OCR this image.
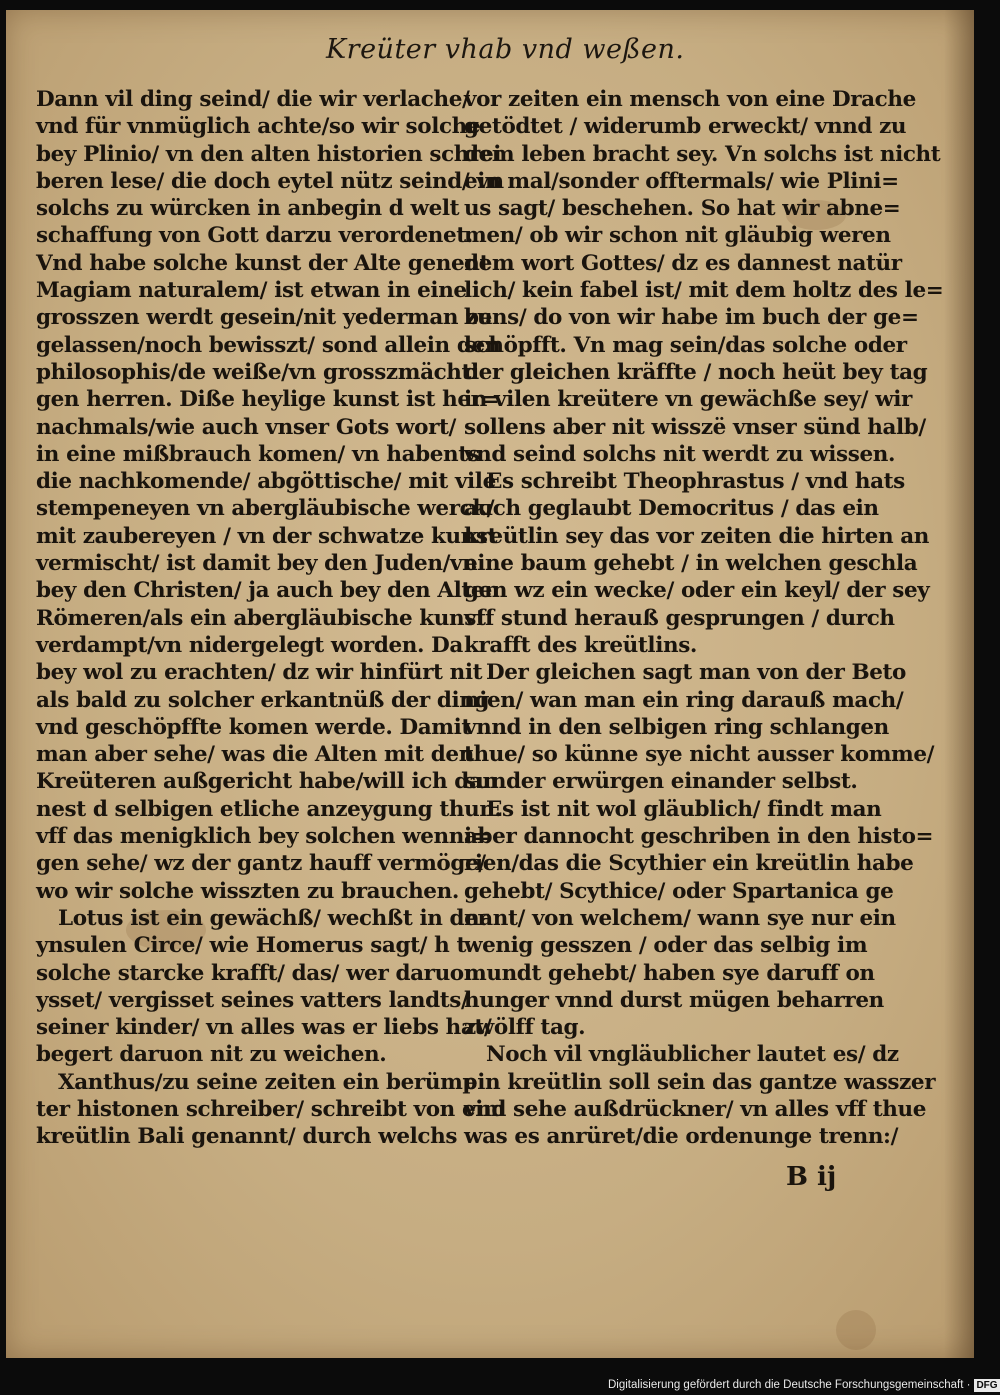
Kreüter vhab vnd weßen.
Dann vil ding seind/ die wir verlache/
vnd für vnmüglich achte/so wir solche
bey Plinio/ vn den alten historien schrei
beren lese/ die doch eytel nütz seind/ vn
solchs zu würcken in anbegin d welt
schaffung von Gott darzu verordenet.
Vnd habe solche kunst der Alte genent
Magiam naturalem/ ist etwan in eine
grosszen werdt gesein/nit yederman zu
gelassen/noch bewisszt/ sond allein den
philosophis/de weiße/vn grosszmächti
gen herren. Diße heylige kunst ist her=
nachmals/wie auch vnser Gots wort/
in eine mißbrauch komen/ vn habents
die nachkomende/ abgöttische/ mit vile
stempeneyen vn abergläubische werck/
mit zaubereyen / vn der schwatze kunst
vermischt/ ist damit bey den Juden/vn
bey den Christen/ ja auch bey den Alten
Römeren/als ein abergläubische kunst
verdampt/vn nidergelegt worden. Da
bey wol zu erachten/ dz wir hinfürt nit
als bald zu solcher erkantnüß der ding
vnd geschöpffte komen werde. Damit
man aber sehe/ was die Alten mit den
Kreüteren außgericht habe/will ich dan
nest d selbigen etliche anzeygung thun.
vff das menigklich bey solchen wenni=
gen sehe/ wz der gantz hauff vermöge/
wo wir solche wisszten zu brauchen.
Lotus ist ein gewächß/ wechßt in der
ynsulen Circe/ wie Homerus sagt/ h t
solche starcke krafft/ das/ wer daruon
ysset/ vergisset seines vatters landts/
seiner kinder/ vn alles was er liebs hat/
begert daruon nit zu weichen.
Xanthus/zu seine zeiten ein berümp
ter histonen schreiber/ schreibt von eim
kreütlin Bali genannt/ durch welchs
vor zeiten ein mensch von eine Drache
getödtet / widerumb erweckt/ vnnd zu
dem leben bracht sey. Vn solchs ist nicht
ein mal/sonder offtermals/ wie Plini=
us sagt/ beschehen. So hat wir abne=
men/ ob wir schon nit gläubig weren
dem wort Gottes/ dz es dannest natür
lich/ kein fabel ist/ mit dem holtz des le=
bens/ do von wir habe im buch der ge=
schöpfft. Vn mag sein/das solche oder
der gleichen kräffte / noch heüt bey tag
in vilen kreütere vn gewächße sey/ wir
sollens aber nit wisszë vnser sünd halb/
vnd seind solchs nit werdt zu wissen.
Es schreibt Theophrastus / vnd hats
auch geglaubt Democritus / das ein
kreütlin sey das vor zeiten die hirten an
eine baum gehebt / in welchen geschla
gen wz ein wecke/ oder ein keyl/ der sey
vff stund herauß gesprungen / durch
krafft des kreütlins.
Der gleichen sagt man von der Beto
nien/ wan man ein ring darauß mach/
vnnd in den selbigen ring schlangen
thue/ so künne sye nicht ausser komme/
sunder erwürgen einander selbst.
Es ist nit wol gläublich/ findt man
aber dannocht geschriben in den histo=
rien/das die Scythier ein kreütlin habe
gehebt/ Scythice/ oder Spartanica ge
nant/ von welchem/ wann sye nur ein
wenig gesszen / oder das selbig im
mundt gehebt/ haben sye daruff on
hunger vnnd durst mügen beharren
zwölff tag.
Noch vil vngläublicher lautet es/ dz
ein kreütlin soll sein das gantze wasszer
vnd sehe außdrückner/ vn alles vff thue
was es anrüret/die ordenunge trenn:/
B ij
Digitalisierung gefördert durch die Deutsche Forschungsgemeinschaft · DFG
